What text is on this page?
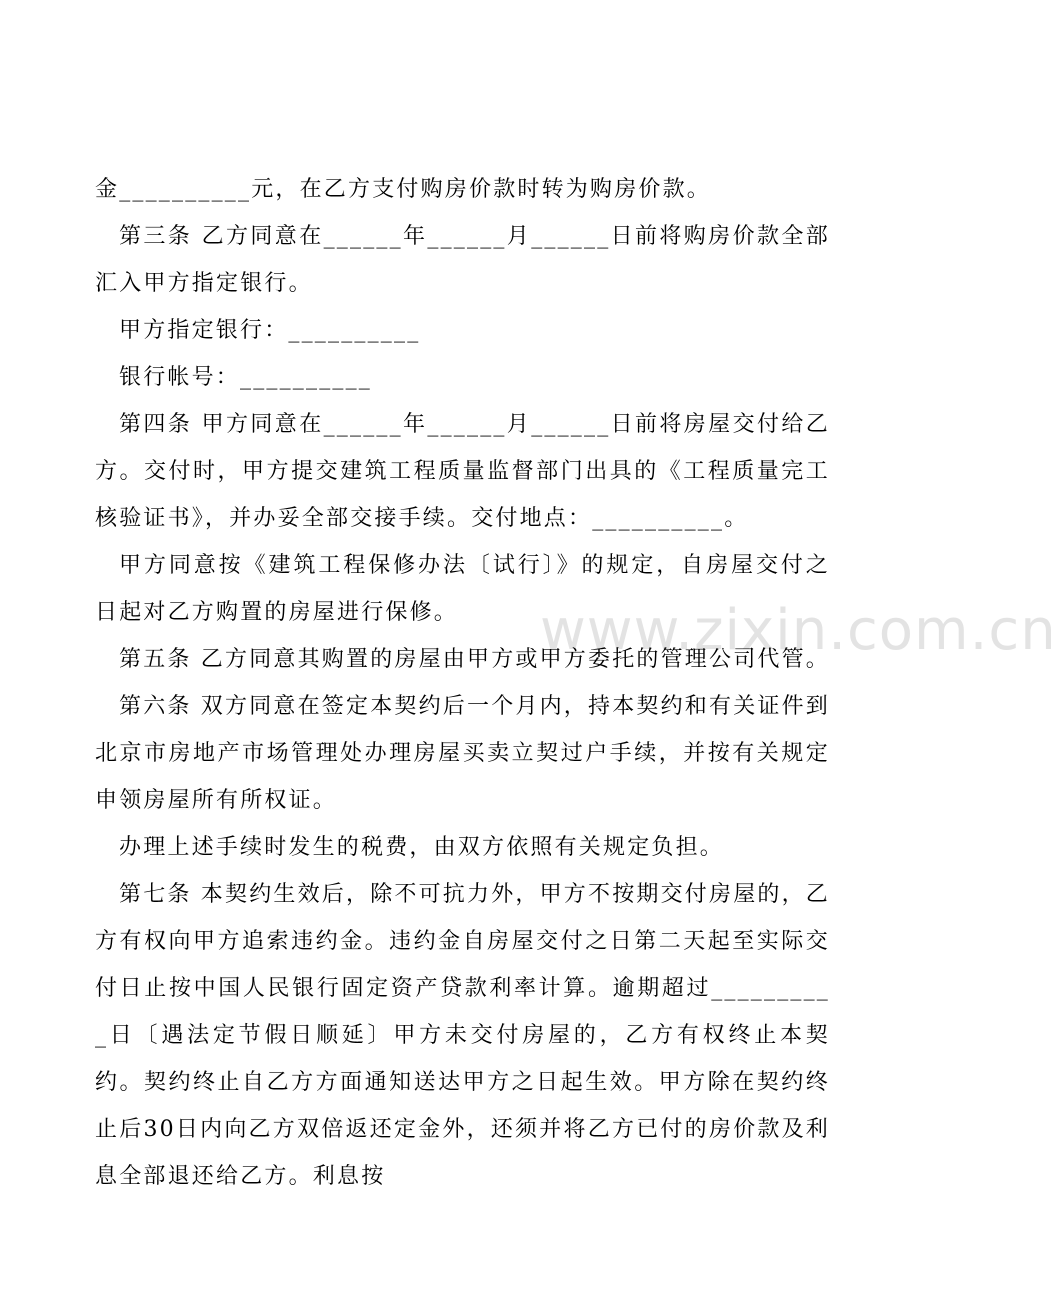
www.zixin.com.cn

金__________元，在乙方支付购房价款时转为购房价款。

第三条 乙方同意在______年______月______日前将购房价款全部汇入甲方指定银行。

甲方指定银行：__________

银行帐号：__________

第四条 甲方同意在______年______月______日前将房屋交付给乙方。交付时，甲方提交建筑工程质量监督部门出具的《工程质量完工核验证书》，并办妥全部交接手续。交付地点：__________。

甲方同意按《建筑工程保修办法〔试行〕》的规定，自房屋交付之日起对乙方购置的房屋进行保修。

第五条 乙方同意其购置的房屋由甲方或甲方委托的管理公司代管。

第六条 双方同意在签定本契约后一个月内，持本契约和有关证件到北京市房地产市场管理处办理房屋买卖立契过户手续，并按有关规定申领房屋所有所权证。

办理上述手续时发生的税费，由双方依照有关规定负担。

第七条 本契约生效后，除不可抗力外，甲方不按期交付房屋的，乙方有权向甲方追索违约金。违约金自房屋交付之日第二天起至实际交付日止按中国人民银行固定资产贷款利率计算。逾期超过__________日〔遇法定节假日顺延〕甲方未交付房屋的，乙方有权终止本契约。契约终止自乙方方面通知送达甲方之日起生效。甲方除在契约终止后30日内向乙方双倍返还定金外，还须并将乙方已付的房价款及利息全部退还给乙方。利息按
